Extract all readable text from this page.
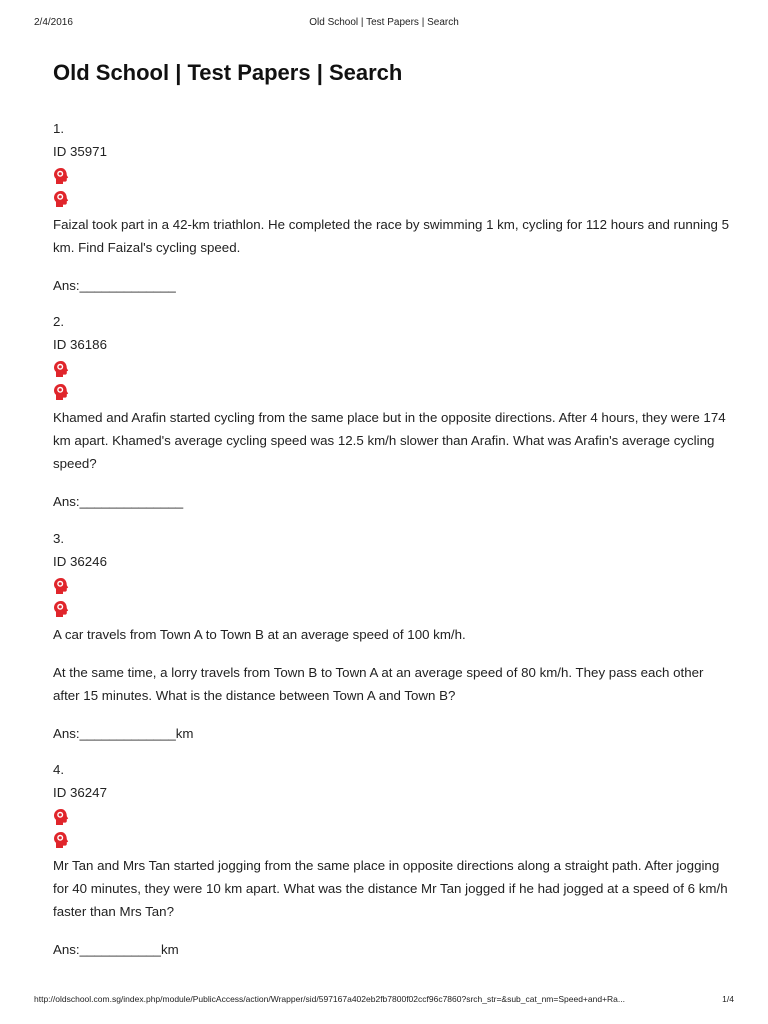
2/4/2016	Old School | Test Papers | Search
Old School | Test Papers | Search
1.
ID 35971

Faizal took part in a 42-km triathlon. He completed the race by swimming 1 km, cycling for 112 hours and running 5 km. Find Faizal's cycling speed.

Ans:_____________
2.
ID 36186

Khamed and Arafin started cycling from the same place but in the opposite directions. After 4 hours, they were 174 km apart. Khamed's average cycling speed was 12.5 km/h slower than Arafin. What was Arafin's average cycling speed?

Ans:______________
3.
ID 36246

A car travels from Town A to Town B at an average speed of 100 km/h.

At the same time, a lorry travels from Town B to Town A at an average speed of 80 km/h. They pass each other after 15 minutes. What is the distance between Town A and Town B?

Ans:_____________km
4.
ID 36247

Mr Tan and Mrs Tan started jogging from the same place in opposite directions along a straight path. After jogging for 40 minutes, they were 10 km apart. What was the distance Mr Tan jogged if he had jogged at a speed of 6 km/h faster than Mrs Tan?

Ans:___________km
http://oldschool.com.sg/index.php/module/PublicAccess/action/Wrapper/sid/597167a402eb2fb7800f02ccf96c7860?srch_str=&sub_cat_nm=Speed+and+Ra...	1/4
